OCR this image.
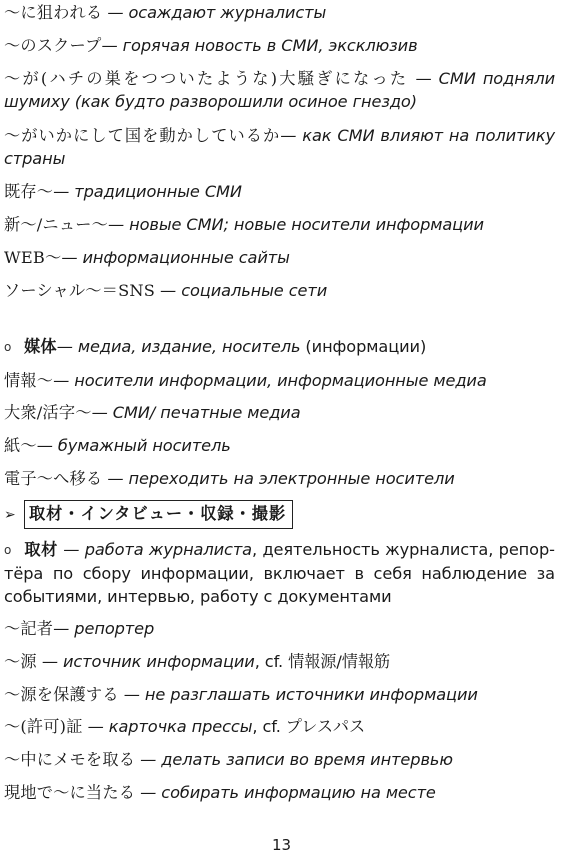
～に狙われる — осаждают журналисты
～のスクープ— горячая новость в СМИ, эксклюзив
～が(ハチの巣をつついたような)大騒ぎになった — СМИ подняли шумиху (как будто разворошили осиное гнездо)
～がいかにして国を動かしているか— как СМИ влияют на политику страны
既存～— традиционные СМИ
新～/ニュー～— новые СМИ; новые носители информации
WEB～— информационные сайты
ソーシャル～＝SNS — социальные сети
o 媒体— медиа, издание, носитель (информации)
情報～— носители информации, информационные медиа
大衆/活字～— СМИ/ печатные медиа
紙～— бумажный носитель
電子～へ移る — переходить на электронные носители
➢ 取材・インタビュー・収録・撮影
o 取材 — работа журналиста, деятельность журналиста, репортёра по сбору информации, включает в себя наблюдение за событиями, интервью, работу с документами
～記者— репортер
～源 — источник информации, cf. 情報源/情報筋
～源を保護する — не разглашать источники информации
～(許可)証 — карточка прессы, cf. プレスパス
～中にメモを取る — делать записи во время интервью
現地で～に当たる — собирать информацию на месте
13
